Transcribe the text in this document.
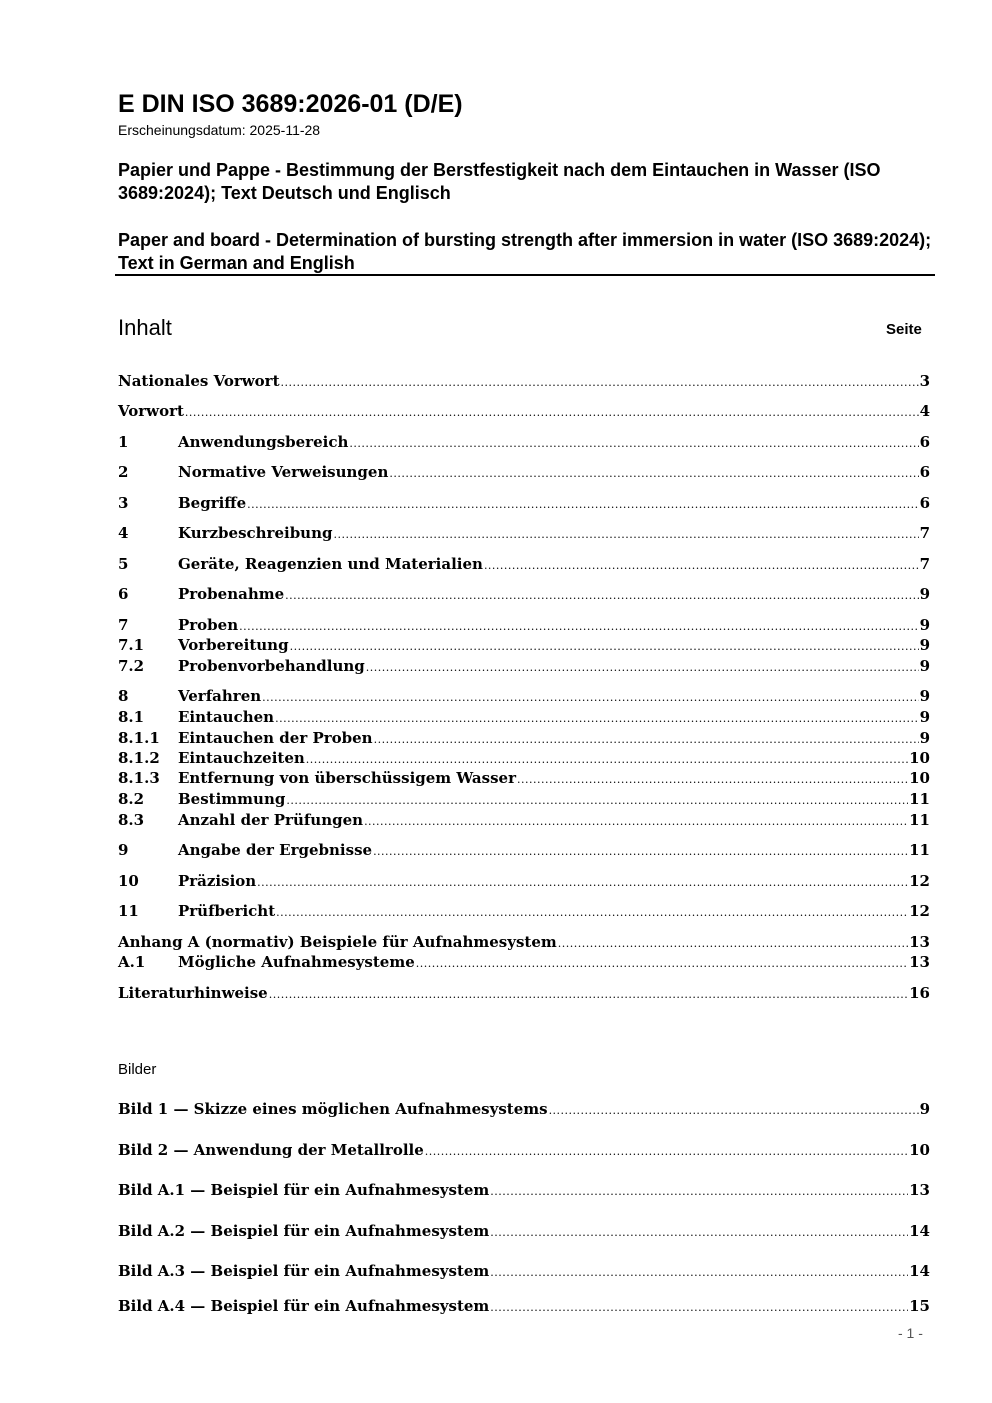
E DIN ISO 3689:2026-01 (D/E)
Erscheinungsdatum: 2025-11-28
Papier und Pappe - Bestimmung der Berstfestigkeit nach dem Eintauchen in Wasser (ISO 3689:2024); Text Deutsch und Englisch
Paper and board - Determination of bursting strength after immersion in water (ISO 3689:2024); Text in German and English
Inhalt	Seite
Nationales Vorwort .....	3
Vorwort .....	4
1	Anwendungsbereich .....	6
2	Normative Verweisungen .....	6
3	Begriffe .....	6
4	Kurzbeschreibung .....	7
5	Geräte, Reagenzien und Materialien .....	7
6	Probenahme .....	9
7	Proben .....	9
7.1	Vorbereitung .....	9
7.2	Probenvorbehandlung .....	9
8	Verfahren .....	9
8.1	Eintauchen .....	9
8.1.1	Eintauchen der Proben .....	9
8.1.2	Eintauchzeiten .....	10
8.1.3	Entfernung von überschüssigem Wasser .....	10
8.2	Bestimmung .....	11
8.3	Anzahl der Prüfungen .....	11
9	Angabe der Ergebnisse .....	11
10	Präzision .....	12
11	Prüfbericht .....	12
Anhang A (normativ) Beispiele für Aufnahmesystem .....	13
A.1	Mögliche Aufnahmesysteme .....	13
Literaturhinweise .....	16
Bilder
Bild 1 — Skizze eines möglichen Aufnahmesystems .....	9
Bild 2 — Anwendung der Metallrolle .....	10
Bild A.1 — Beispiel für ein Aufnahmesystem .....	13
Bild A.2 — Beispiel für ein Aufnahmesystem .....	14
Bild A.3 — Beispiel für ein Aufnahmesystem .....	14
Bild A.4 — Beispiel für ein Aufnahmesystem .....	15
- 1 -
